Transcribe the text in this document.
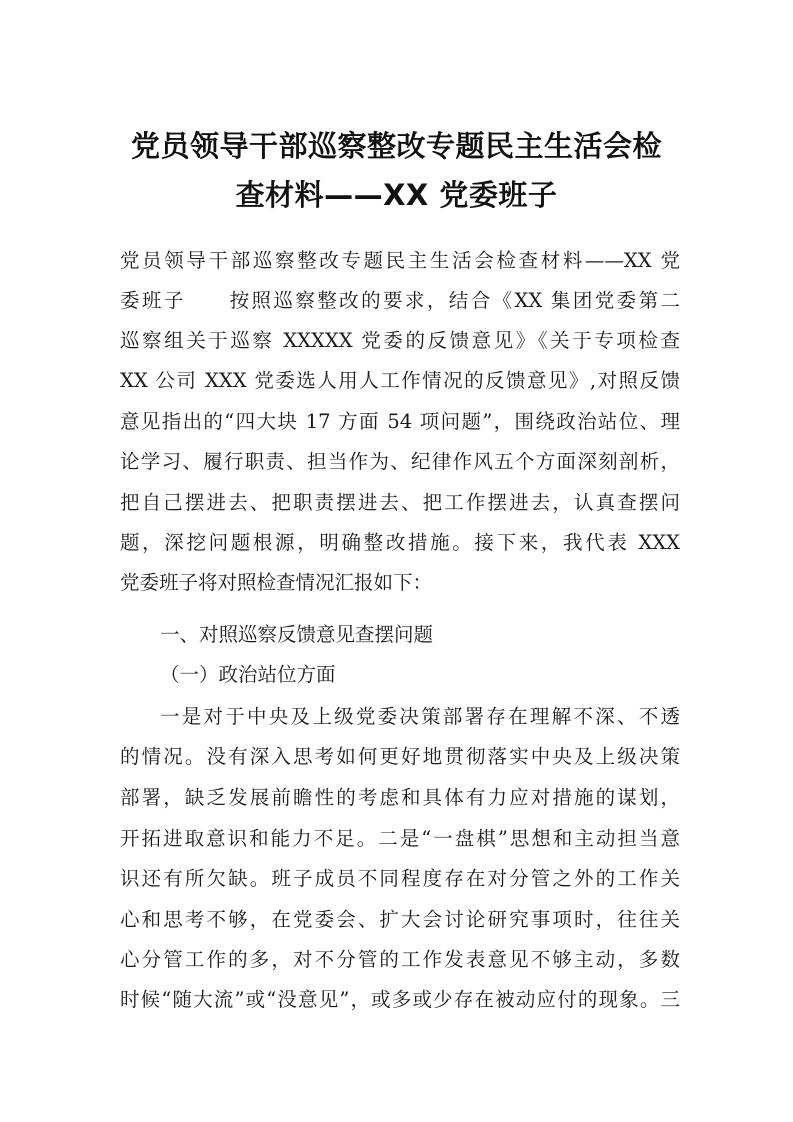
党员领导干部巡察整改专题民主生活会检
查材料——XX 党委班子
党员领导干部巡察整改专题民主生活会检查材料——XX 党
委班子　　按照巡察整改的要求，结合《XX 集团党委第二
巡察组关于巡察 XXXXX 党委的反馈意见》《关于专项检查
XX 公司 XXX 党委选人用人工作情况的反馈意见》,对照反馈
意见指出的“四大块 17 方面 54 项问题”，围绕政治站位、理
论学习、履行职责、担当作为、纪律作风五个方面深刻剖析，
把自己摆进去、把职责摆进去、把工作摆进去，认真查摆问
题，深挖问题根源，明确整改措施。接下来，我代表 XXX
党委班子将对照检查情况汇报如下：
一、对照巡察反馈意见查摆问题
（一）政治站位方面
一是对于中央及上级党委决策部署存在理解不深、不透
的情况。没有深入思考如何更好地贯彻落实中央及上级决策
部署，缺乏发展前瞻性的考虑和具体有力应对措施的谋划，
开拓进取意识和能力不足。二是“一盘棋”思想和主动担当意
识还有所欠缺。班子成员不同程度存在对分管之外的工作关
心和思考不够，在党委会、扩大会讨论研究事项时，往往关
心分管工作的多，对不分管的工作发表意见不够主动，多数
时候“随大流”或“没意见”，或多或少存在被动应付的现象。三
